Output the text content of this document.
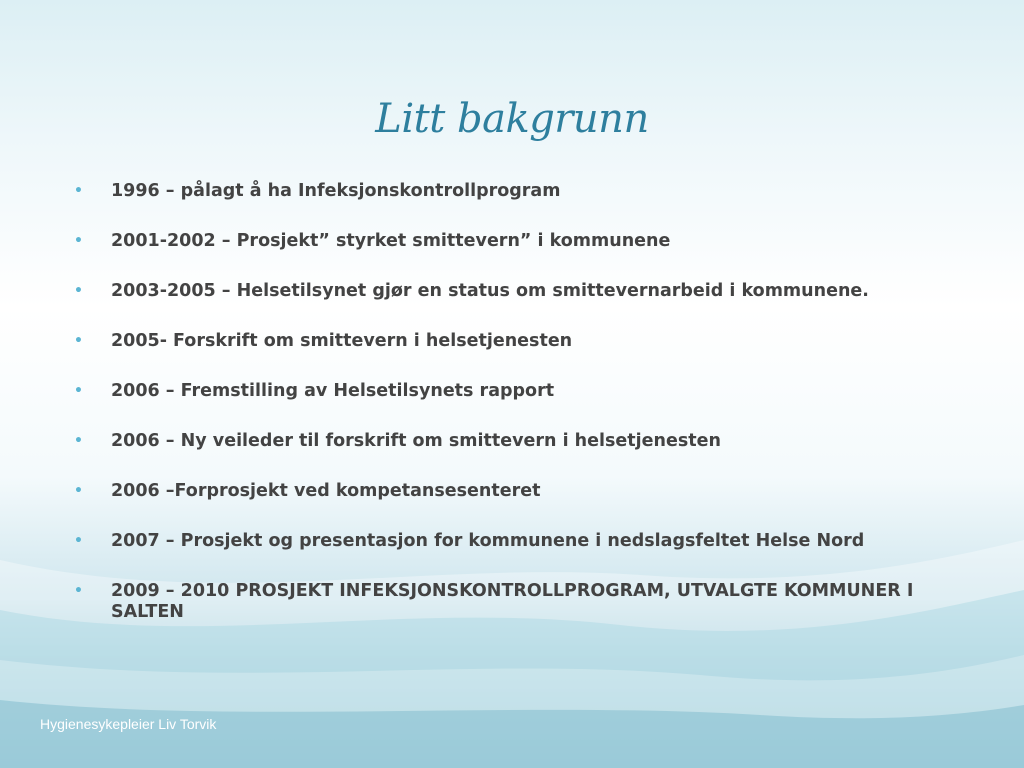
Litt bakgrunn
• 1996 – pålagt å ha Infeksjonskontrollprogram
• 2001-2002 – Prosjekt” styrket smittevern” i kommunene
• 2003-2005 – Helsetilsynet gjør en status om smittevernarbeid i kommunene.
• 2005- Forskrift om smittevern i helsetjenesten
• 2006 – Fremstilling av Helsetilsynets rapport
• 2006 – Ny veileder til forskrift om smittevern i helsetjenesten
• 2006 –Forprosjekt ved kompetansesenteret
• 2007 – Prosjekt og presentasjon for kommunene i nedslagsfeltet Helse Nord
• 2009 – 2010 PROSJEKT INFEKSJONSKONTROLLPROGRAM, UTVALGTE KOMMUNER I SALTEN
Hygienesykepleier Liv Torvik
